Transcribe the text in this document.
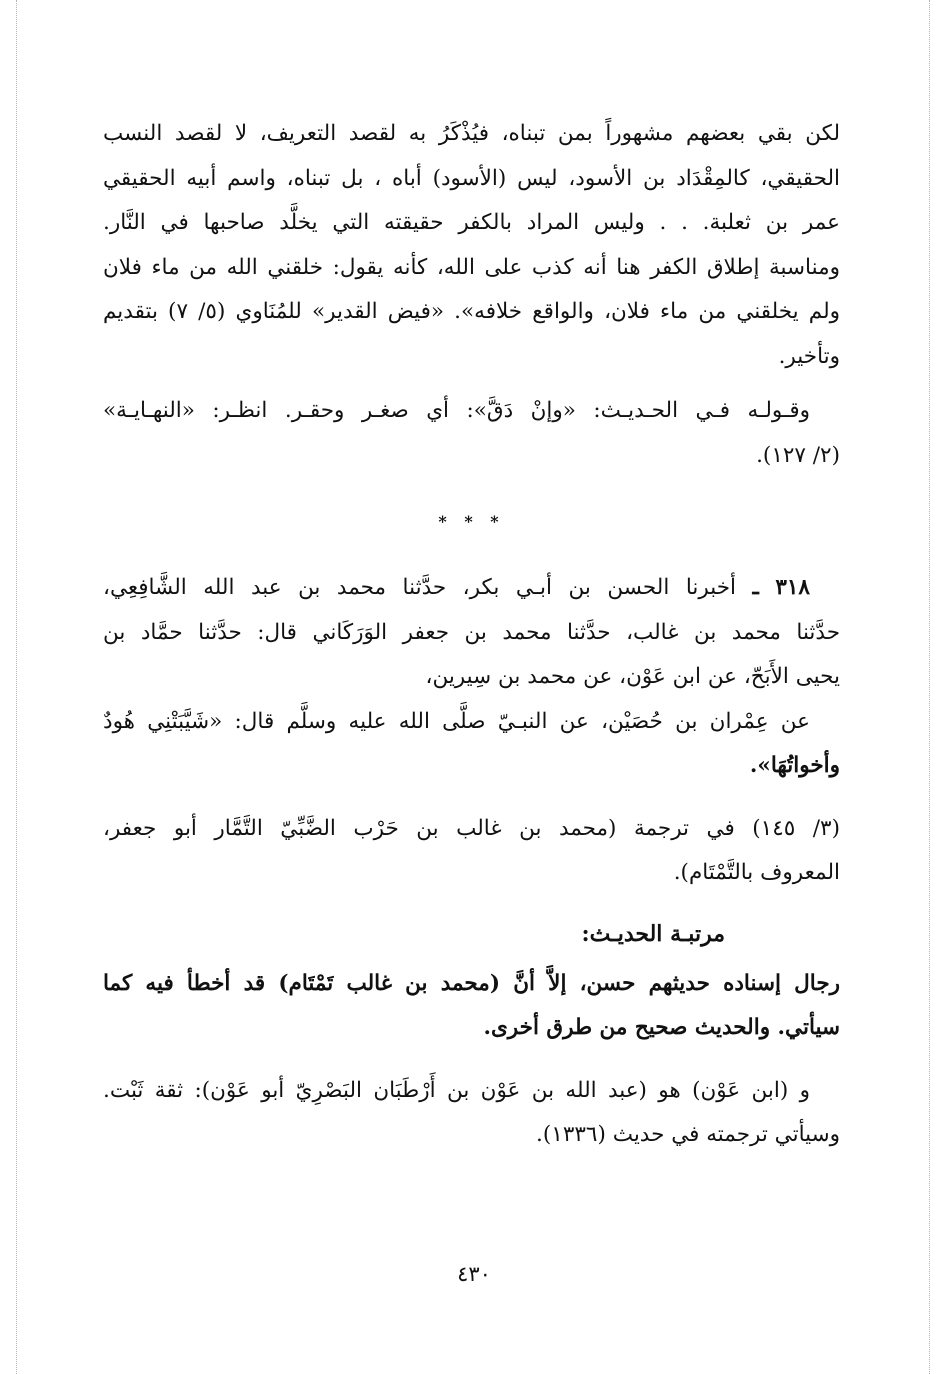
لكن بقي بعضهم مشهوراً بمن تبناه، فيُذْكَرُ به لقصد التعريف، لا لقصد النسب
الحقيقي، كالمِقْدَاد بن الأسود، ليس (الأسود) أباه ، بل تبناه، واسم أبيه الحقيقي
عمر بن ثعلبة. . . وليس المراد بالكفر حقيقته التي يخلَّد صاحبها في النَّار.
ومناسبة إطلاق الكفر هنا أنه كذب على الله، كأنه يقول: خلقني الله من ماء فلان
ولم يخلقني من ماء فلان، والواقع خلافه». «فيض القدير» للمُنَاوي (٥/ ٧) بتقديم
وتأخير.
وقـولـه فـي الحـديـث: «وإنْ دَقَّ»: أي صغـر وحقـر. انظـر: «النهـايـة»
(٢/ ١٢٧).
* * *
٣١٨ ـ أخبرنا الحسن بن أبـي بكر، حدَّثنا محمد بن عبد الله الشَّافِعِي،
حدَّثنا محمد بن غالب، حدَّثنا محمد بن جعفر الوَرَكَاني قال: حدَّثنا حمَّاد بن
يحيى الأَبَحّ، عن ابن عَوْن، عن محمد بن سِيرين،
عن عِمْران بن حُصَيْن، عن النبـيّ صلَّى الله عليه وسلَّم قال: «شَيَّبَتْنِي هُودٌ
وأخواتُهَا».
(٣/ ١٤٥) في ترجمة (محمد بن غالب بن حَرْب الضَّبِّيّ التَّمَّار أبو جعفر،
المعروف بالتَّمْتَام).
مرتبـة الحديـث:
رجال إسناده حديثهم حسن، إلاَّ أنَّ (محمد بن غالب تَمْتَام) قد أخطأ فيه كما
سيأتي. والحديث صحيح من طرق أخرى.
و (ابن عَوْن) هو (عبد الله بن عَوْن بن أَرْطَبَان البَصْرِيّ أبو عَوْن): ثقة ثَبْت.
وسيأتي ترجمته في حديث (١٣٣٦).
٤٣٠
